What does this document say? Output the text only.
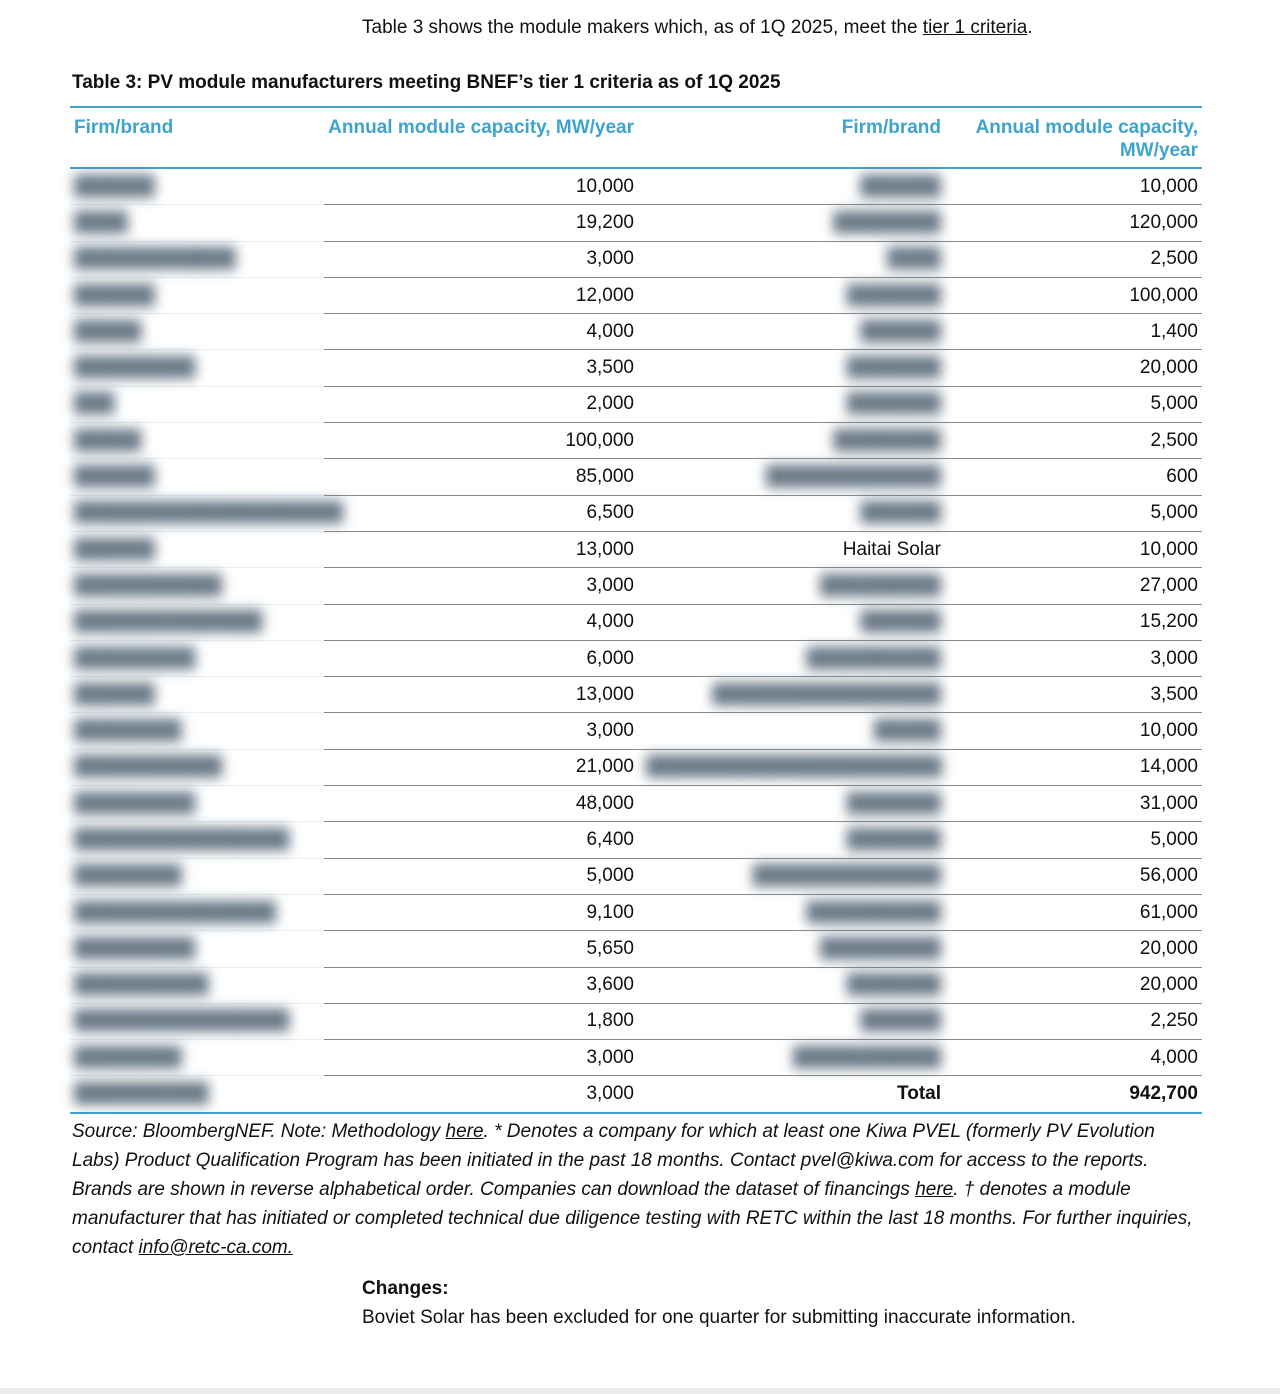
Table 3 shows the module makers which, as of 1Q 2025, meet the tier 1 criteria.
Table 3: PV module manufacturers meeting BNEF’s tier 1 criteria as of 1Q 2025
Firm/brand	Annual module capacity, MW/year	Firm/brand	Annual module capacity, MW/year
██████	10,000	██████	10,000
████	19,200	████████	120,000
████████████	3,000	████	2,500
██████	12,000	███████	100,000
█████	4,000	██████	1,400
█████████	3,500	███████	20,000
███	2,000	███████	5,000
█████	100,000	████████	2,500
██████	85,000	█████████████	600
████████████████████	6,500	██████	5,000
██████	13,000	Haitai Solar	10,000
███████████	3,000	█████████	27,000
██████████████	4,000	██████	15,200
█████████	6,000	██████████	3,000
██████	13,000	█████████████████	3,500
████████	3,000	█████	10,000
███████████	21,000	██████████████████████	14,000
█████████	48,000	███████	31,000
████████████████	6,400	███████	5,000
████████	5,000	██████████████	56,000
███████████████	9,100	██████████	61,000
█████████	5,650	█████████	20,000
██████████	3,600	███████	20,000
████████████████	1,800	██████	2,250
████████	3,000	███████████	4,000
██████████	3,000	Total	942,700
Source: BloombergNEF. Note: Methodology here. * Denotes a company for which at least one Kiwa PVEL (formerly PV Evolution Labs) Product Qualification Program has been initiated in the past 18 months. Contact pvel@kiwa.com for access to the reports. Brands are shown in reverse alphabetical order. Companies can download the dataset of financings here. † denotes a module manufacturer that has initiated or completed technical due diligence testing with RETC within the last 18 months. For further inquiries, contact info@retc-ca.com.
Changes:
Boviet Solar has been excluded for one quarter for submitting inaccurate information.
